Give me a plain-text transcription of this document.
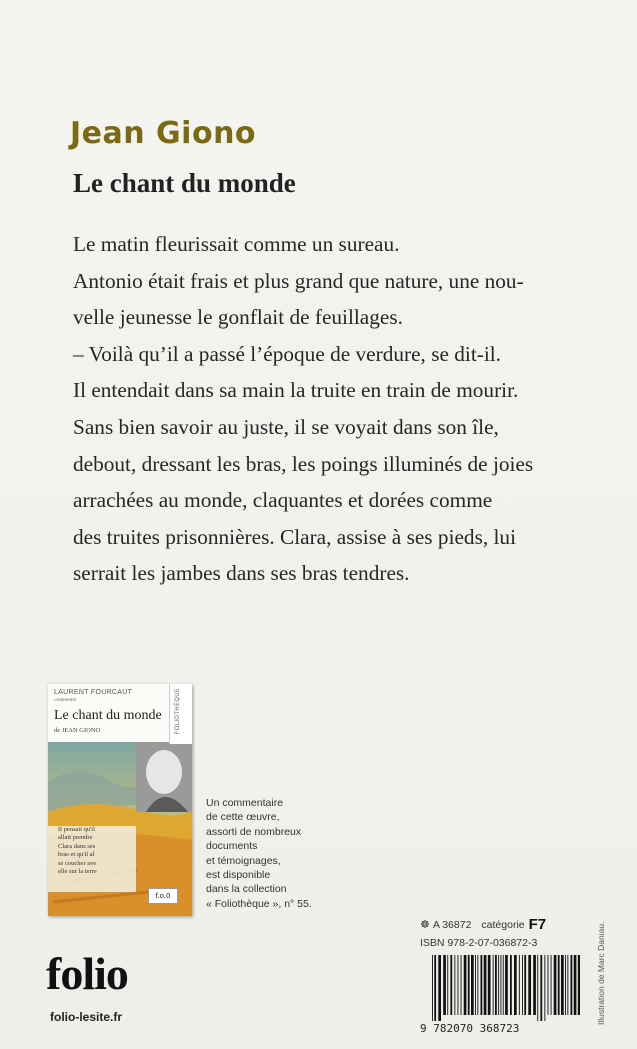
Jean Giono
Le chant du monde

Le matin fleurissait comme un sureau.
Antonio était frais et plus grand que nature, une nou-
velle jeunesse le gonflait de feuillages.
– Voilà qu’il a passé l’époque de verdure, se dit-il.
Il entendait dans sa main la truite en train de mourir.
Sans bien savoir au juste, il se voyait dans son île,
debout, dressant les bras, les poings illuminés de joies
arrachées au monde, claquantes et dorées comme
des truites prisonnières. Clara, assise à ses pieds, lui
serrait les jambes dans ses bras tendres.

FOLIOTHÈQUE
LAURENT FOURCAUT
commente
Le chant du monde
de JEAN GIONO
Il pensait qu'il
allait prendre
Clara dans ses
bras et qu'il al
se coucher ave
elle sur la terre
f.o.0

Un commentaire
de cette œuvre,
assorti de nombreux
documents
et témoignages,
est disponible
dans la collection
« Foliothèque », n° 55.

☸ A 36872 catégorie F7
ISBN 978-2-07-036872-3
9 782070 368723
folio
folio-lesite.fr	Illustration de Marc Daniau.
